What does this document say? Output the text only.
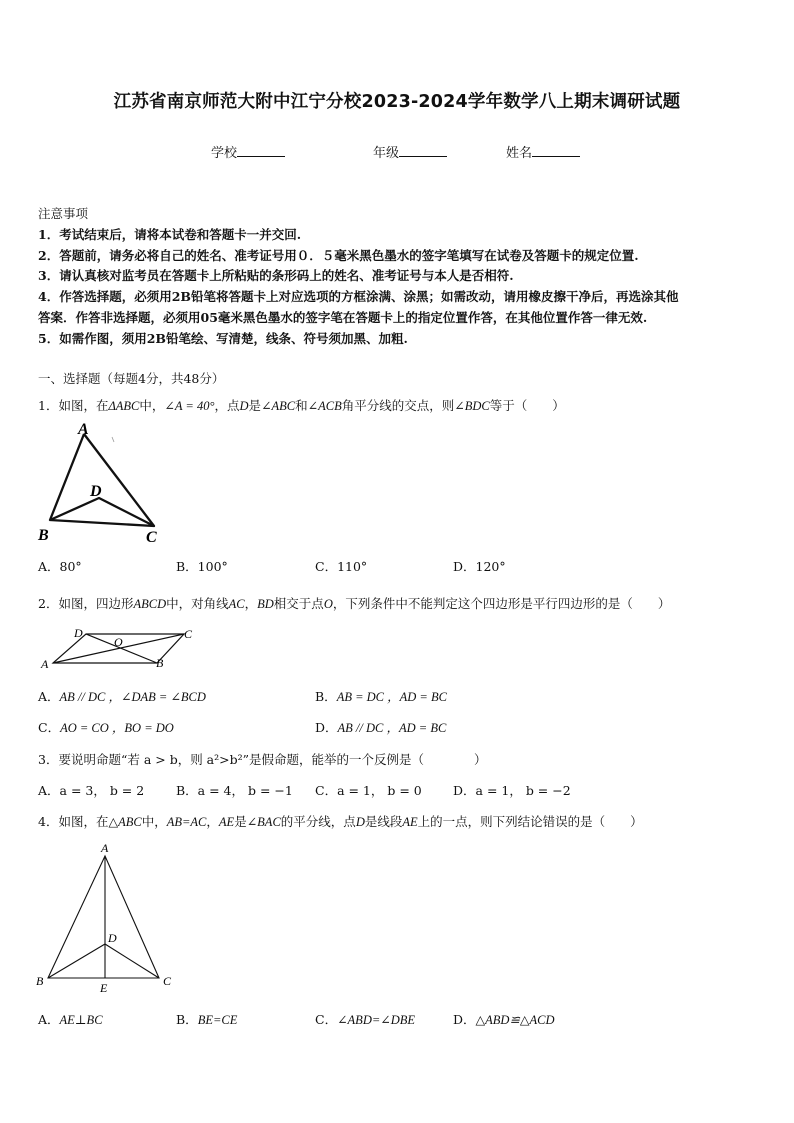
江苏省南京师范大附中江宁分校2023-2024学年数学八上期末调研试题
学校	年级	姓名
注意事项
1．考试结束后，请将本试卷和答题卡一并交回.
2．答题前，请务必将自己的姓名、准考证号用０．５毫米黑色墨水的签字笔填写在试卷及答题卡的规定位置.
3．请认真核对监考员在答题卡上所粘贴的条形码上的姓名、准考证号与本人是否相符.
4．作答选择题，必须用2B铅笔将答题卡上对应选项的方框涂满、涂黑；如需改动，请用橡皮擦干净后，再选涂其他
答案．作答非选择题，必须用05毫米黑色墨水的签字笔在答题卡上的指定位置作答，在其他位置作答一律无效.
5．如需作图，须用2B铅笔绘、写清楚，线条、符号须加黑、加粗.
一、选择题（每题4分，共48分）
1．如图，在ΔABC中，∠A = 40°，点D是∠ABC和∠ACB角平分线的交点，则∠BDC等于（　　）
A
B	C
D
A．80°	B．100°	C．110°	D．120°
2．如图，四边形ABCD中，对角线AC，BD相交于点O，下列条件中不能判定这个四边形是平行四边形的是（　　）
D	C
O
A	B
A．AB // DC ，∠DAB = ∠BCD	B．AB = DC ，AD = BC
C．AO = CO ，BO = DO	D．AB // DC ，AD = BC
3．要说明命题“若 a > b，则 a²>b²”是假命题，能举的一个反例是（　　　　）
A．a = 3， b = 2	B．a = 4， b = −1 C．a = 1， b = 0	D．a = 1， b = −2
4．如图，在△ABC中，AB=AC，AE是∠BAC的平分线，点D是线段AE上的一点，则下列结论错误的是（　　）
A
B	C
D
E
A．AE⊥BC	B．BE=CE	C．∠ABD=∠DBE	D．△ABD≌△ACD
